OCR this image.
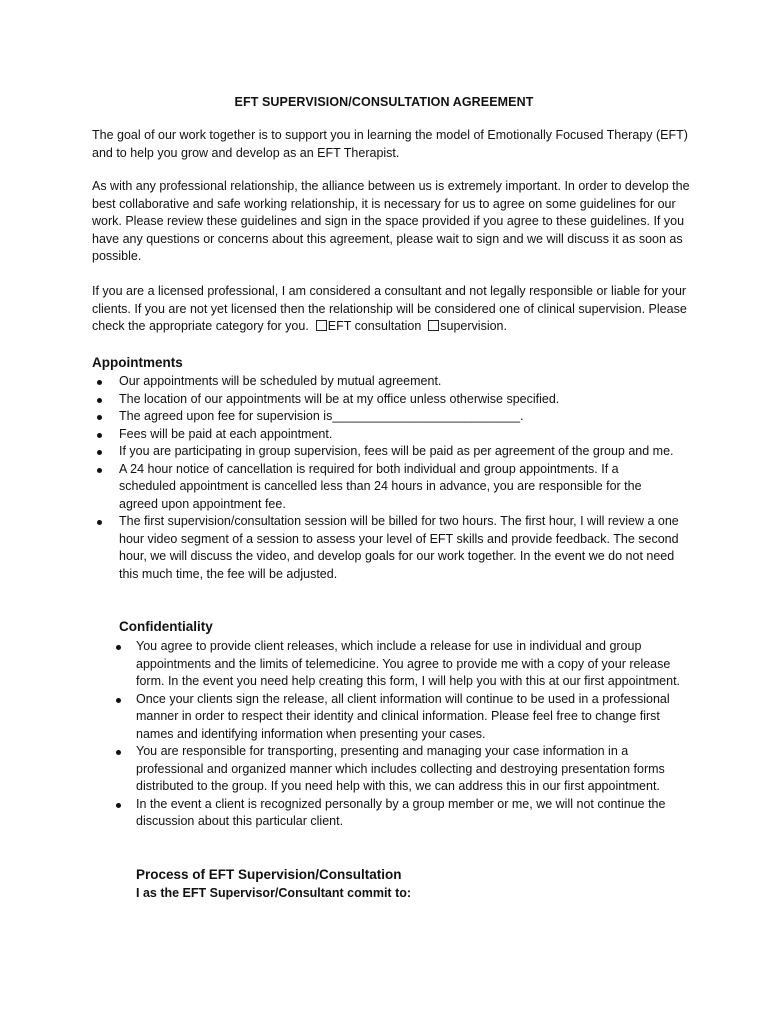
EFT SUPERVISION/CONSULTATION AGREEMENT

The goal of our work together is to support you in learning the model of Emotionally Focused Therapy (EFT) and to help you grow and develop as an EFT Therapist.

As with any professional relationship, the alliance between us is extremely important. In order to develop the best collaborative and safe working relationship, it is necessary for us to agree on some guidelines for our work. Please review these guidelines and sign in the space provided if you agree to these guidelines. If you have any questions or concerns about this agreement, please wait to sign and we will discuss it as soon as possible.

If you are a licensed professional, I am considered a consultant and not legally responsible or liable for your clients. If you are not yet licensed then the relationship will be considered one of clinical supervision. Please check the appropriate category for you. EFT consultation supervision.

Appointments
Our appointments will be scheduled by mutual agreement.
The location of our appointments will be at my office unless otherwise specified.
The agreed upon fee for supervision is___________________________.
Fees will be paid at each appointment.
If you are participating in group supervision, fees will be paid as per agreement of the group and me.
A 24 hour notice of cancellation is required for both individual and group appointments. If a scheduled appointment is cancelled less than 24 hours in advance, you are responsible for the agreed upon appointment fee.
The first supervision/consultation session will be billed for two hours. The first hour, I will review a one hour video segment of a session to assess your level of EFT skills and provide feedback. The second hour, we will discuss the video, and develop goals for our work together. In the event we do not need this much time, the fee will be adjusted.
Confidentiality
You agree to provide client releases, which include a release for use in individual and group appointments and the limits of telemedicine. You agree to provide me with a copy of your release form. In the event you need help creating this form, I will help you with this at our first appointment.
Once your clients sign the release, all client information will continue to be used in a professional manner in order to respect their identity and clinical information. Please feel free to change first names and identifying information when presenting your cases.
You are responsible for transporting, presenting and managing your case information in a professional and organized manner which includes collecting and destroying presentation forms distributed to the group. If you need help with this, we can address this in our first appointment.
In the event a client is recognized personally by a group member or me, we will not continue the discussion about this particular client.
Process of EFT Supervision/Consultation

I as the EFT Supervisor/Consultant commit to:
